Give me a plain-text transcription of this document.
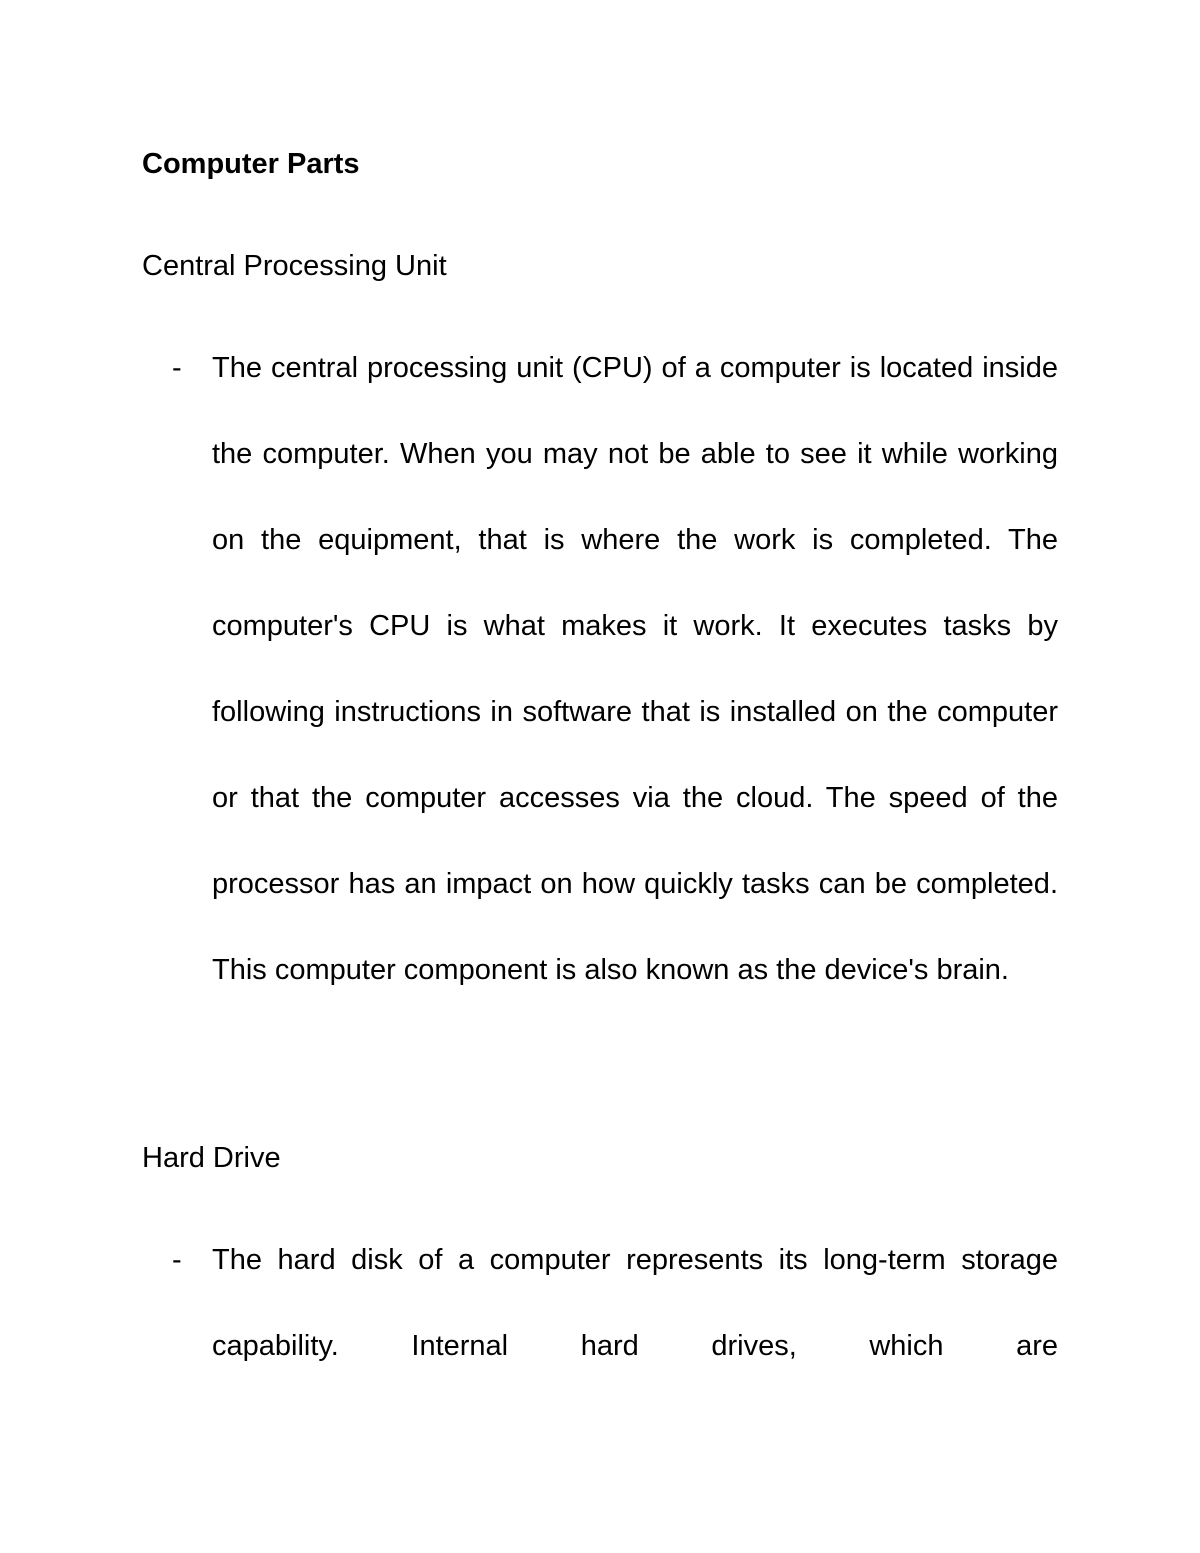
Computer Parts
Central Processing Unit
- The central processing unit (CPU) of a computer is located inside the computer. When you may not be able to see it while working on the equipment, that is where the work is completed. The computer's CPU is what makes it work. It executes tasks by following instructions in software that is installed on the computer or that the computer accesses via the cloud. The speed of the processor has an impact on how quickly tasks can be completed. This computer component is also known as the device's brain.

Hard Drive
- The hard disk of a computer represents its long-term storage capability. Internal hard drives, which are
